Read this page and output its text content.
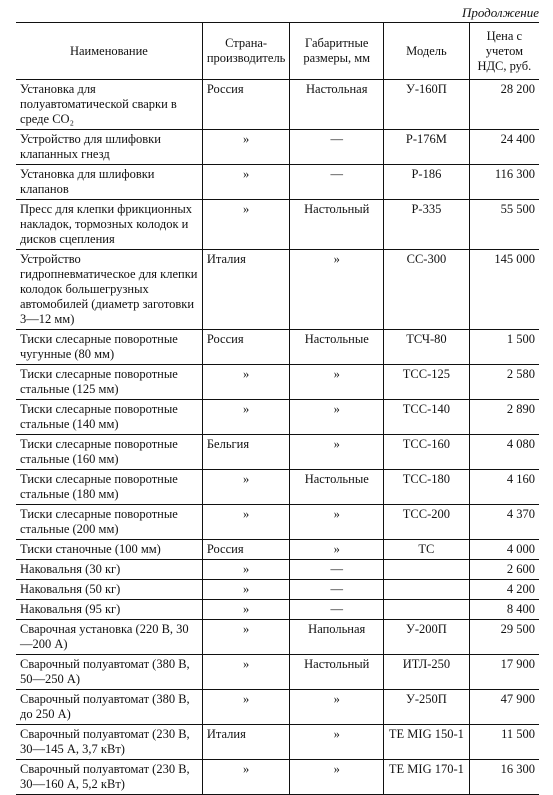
Продолжение
Наименование	Страна-производитель	Габаритные размеры, мм	Модель	Цена с учетом НДС, руб.
Установка для полуавтоматической сварки в среде CO₂	Россия	Настольная	У-160П	28 200
Устройство для шлифовки клапанных гнезд	»	—	Р-176М	24 400
Установка для шлифовки клапанов	»	—	Р-186	116 300
Пресс для клепки фрикционных накладок, тормозных колодок и дисков сцепления	»	Настольный	Р-335	55 500
Устройство гидропневматическое для клепки колодок большегрузных автомобилей (диаметр заготовки 3—12 мм)	Италия	»	СС-300	145 000
Тиски слесарные поворотные чугунные (80 мм)	Россия	Настольные	ТСЧ-80	1 500
Тиски слесарные поворотные стальные (125 мм)	»	»	ТСС-125	2 580
Тиски слесарные поворотные стальные (140 мм)	»	»	ТСС-140	2 890
Тиски слесарные поворотные стальные (160 мм)	Бельгия	»	ТСС-160	4 080
Тиски слесарные поворотные стальные (180 мм)	»	Настольные	ТСС-180	4 160
Тиски слесарные поворотные стальные (200 мм)	»	»	ТСС-200	4 370
Тиски станочные (100 мм)	Россия	»	ТС	4 000
Наковальня (30 кг)	»	—		2 600
Наковальня (50 кг)	»	—		4 200
Наковальня (95 кг)	»	—		8 400
Сварочная установка (220 В, 30—200 А)	»	Напольная	У-200П	29 500
Сварочный полуавтомат (380 В, 50—250 А)	»	Настольный	ИТЛ-250	17 900
Сварочный полуавтомат (380 В, до 250 А)	»	»	У-250П	47 900
Сварочный полуавтомат (230 В, 30—145 А, 3,7 кВт)	Италия	»	TE MIG 150-1	11 500
Сварочный полуавтомат (230 В, 30—160 А, 5,2 кВт)	»	»	TE MIG 170-1	16 300
